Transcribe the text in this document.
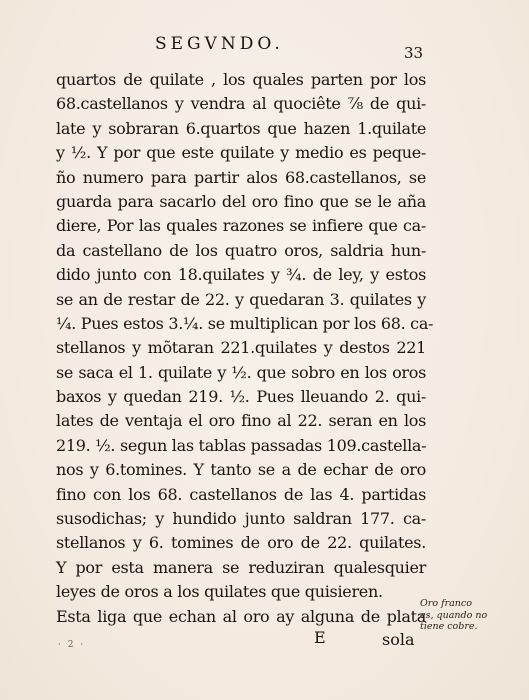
SEGVNDO.	33
quartos de quilate , los quales parten por los
68.castellanos y vendra al quociête ⅞ de qui-
late y sobraran 6.quartos que hazen 1.quilate
y ½. Y por que este quilate y medio es peque-
ño numero para partir alos 68.castellanos, se
guarda para sacarlo del oro fino que se le aña
diere, Por las quales razones se infiere que ca-
da castellano de los quatro oros, saldria hun-
dido junto con 18.quilates y ¾. de ley, y estos
se an de restar de 22. y quedaran 3. quilates y
¼. Pues estos 3.¼. se multiplican por los 68. ca-
stellanos y mõtaran 221.quilates y destos 221
se saca el 1. quilate y ½. que sobro en los oros
baxos y quedan 219. ½. Pues lleuando 2. qui-
lates de ventaja el oro fino al 22. seran en los
219. ½. segun las tablas passadas 109.castella-
nos y 6.tomines. Y tanto se a de echar de oro
fino con los 68. castellanos de las 4. partidas
susodichas; y hundido junto saldran 177. ca-
stellanos y 6. tomines de oro de 22. quilates.
Y por esta manera se reduziran qualesquier
leyes de oros a los quilates que quisieren.
Esta liga que echan al oro ay alguna de plata
Oro franco
es, quando no
tiene cobre.
· 2 ·	E	sola
